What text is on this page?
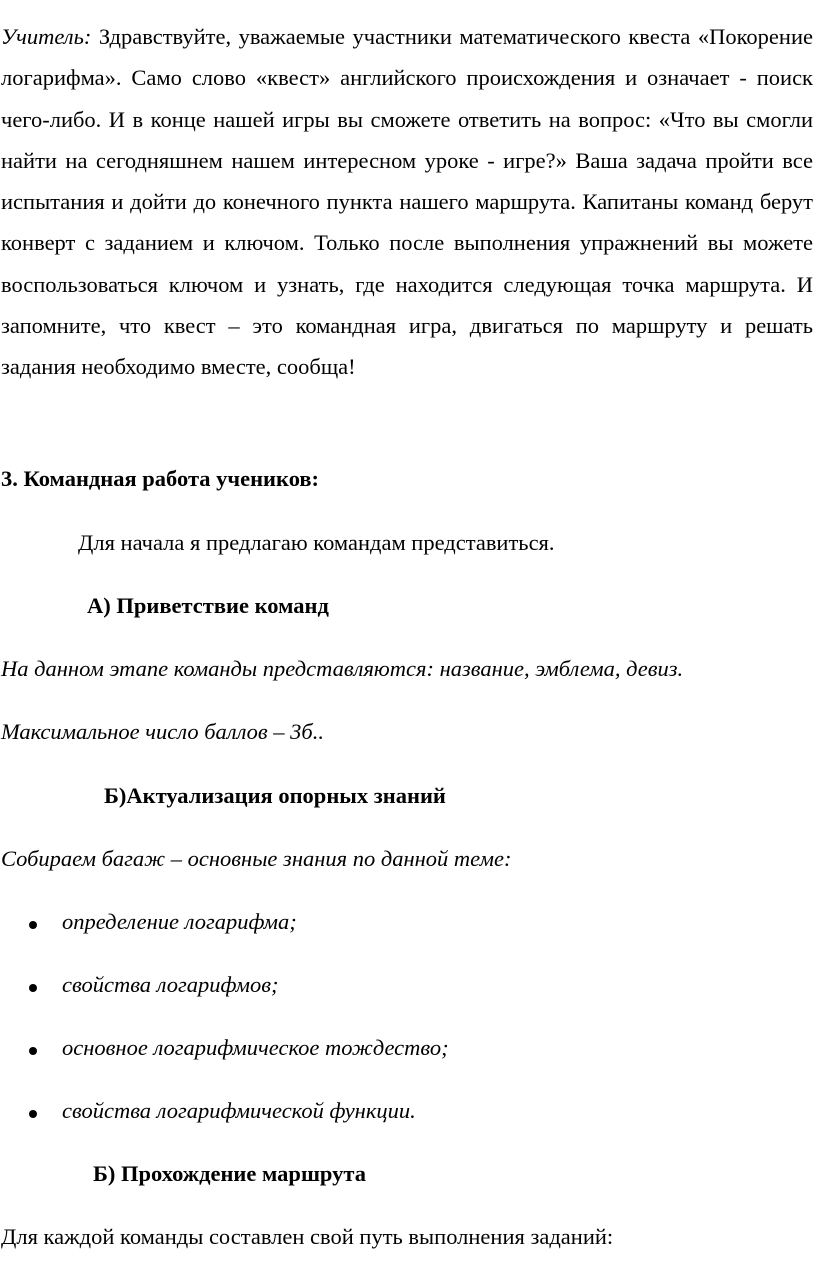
Учитель: Здравствуйте, уважаемые участники математического квеста «Покорение логарифма». Само слово «квест» английского происхождения и означает - поиск чего-либо. И в конце нашей игры вы сможете ответить на вопрос: «Что вы смогли найти на сегодняшнем нашем интересном уроке - игре?» Ваша задача пройти все испытания и дойти до конечного пункта нашего маршрута. Капитаны команд берут конверт с заданием и ключом. Только после выполнения упражнений вы можете воспользоваться ключом и узнать, где находится следующая точка маршрута. И запомните, что квест – это командная игра, двигаться по маршруту и решать задания необходимо вместе, сообща!

3. Командная работа учеников:

Для начала я предлагаю командам представиться.

А) Приветствие команд

На данном этапе команды представляются: название, эмблема, девиз.

Максимальное число баллов – 3б..

Б)Актуализация опорных знаний

Собираем багаж – основные знания по данной теме:

определение логарифма;
свойства логарифмов;
основное логарифмическое тождество;
свойства логарифмической функции.

Б) Прохождение маршрута

Для каждой команды составлен свой путь выполнения заданий:
